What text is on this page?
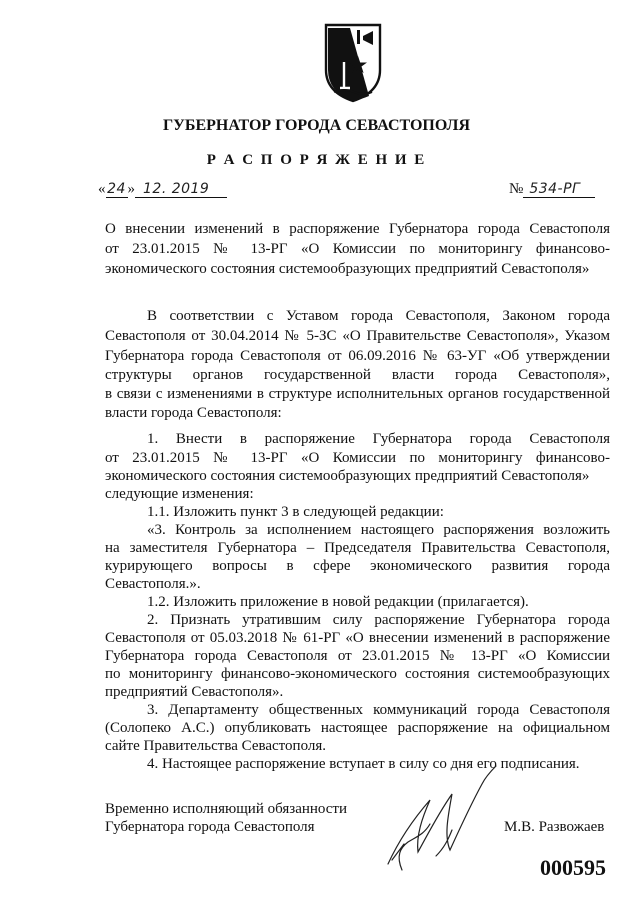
ГУБЕРНАТОР ГОРОДА СЕВАСТОПОЛЯ
Р А С П О Р Я Ж Е Н И Е
« 24 » 12. 2019	№ 534-РГ
О внесении изменений в распоряжение Губернатора города Севастополя
от 23.01.2015 № 13-РГ «О Комиссии по мониторингу финансово-
экономического состояния системообразующих предприятий Севастополя»
В соответствии с Уставом города Севастополя, Законом города
Севастополя от 30.04.2014 № 5-ЗС «О Правительстве Севастополя», Указом
Губернатора города Севастополя от 06.09.2016 № 63-УГ «Об утверждении
структуры органов государственной власти города Севастополя»,
в связи с изменениями в структуре исполнительных органов государственной
власти города Севастополя:
1. Внести в распоряжение Губернатора города Севастополя
от 23.01.2015 № 13-РГ «О Комиссии по мониторингу финансово-
экономического состояния системообразующих предприятий Севастополя»
следующие изменения:
1.1. Изложить пункт 3 в следующей редакции:
«3. Контроль за исполнением настоящего распоряжения возложить
на заместителя Губернатора – Председателя Правительства Севастополя,
курирующего вопросы в сфере экономического развития города
Севастополя.».
1.2. Изложить приложение в новой редакции (прилагается).
2. Признать утратившим силу распоряжение Губернатора города
Севастополя от 05.03.2018 № 61-РГ «О внесении изменений в распоряжение
Губернатора города Севастополя от 23.01.2015 № 13-РГ «О Комиссии
по мониторингу финансово-экономического состояния системообразующих
предприятий Севастополя».
3. Департаменту общественных коммуникаций города Севастополя
(Солопеко А.С.) опубликовать настоящее распоряжение на официальном
сайте Правительства Севастополя.
4. Настоящее распоряжение вступает в силу со дня его подписания.
Временно исполняющий обязанности
Губернатора города Севастополя	М.В. Развожаев
000595
